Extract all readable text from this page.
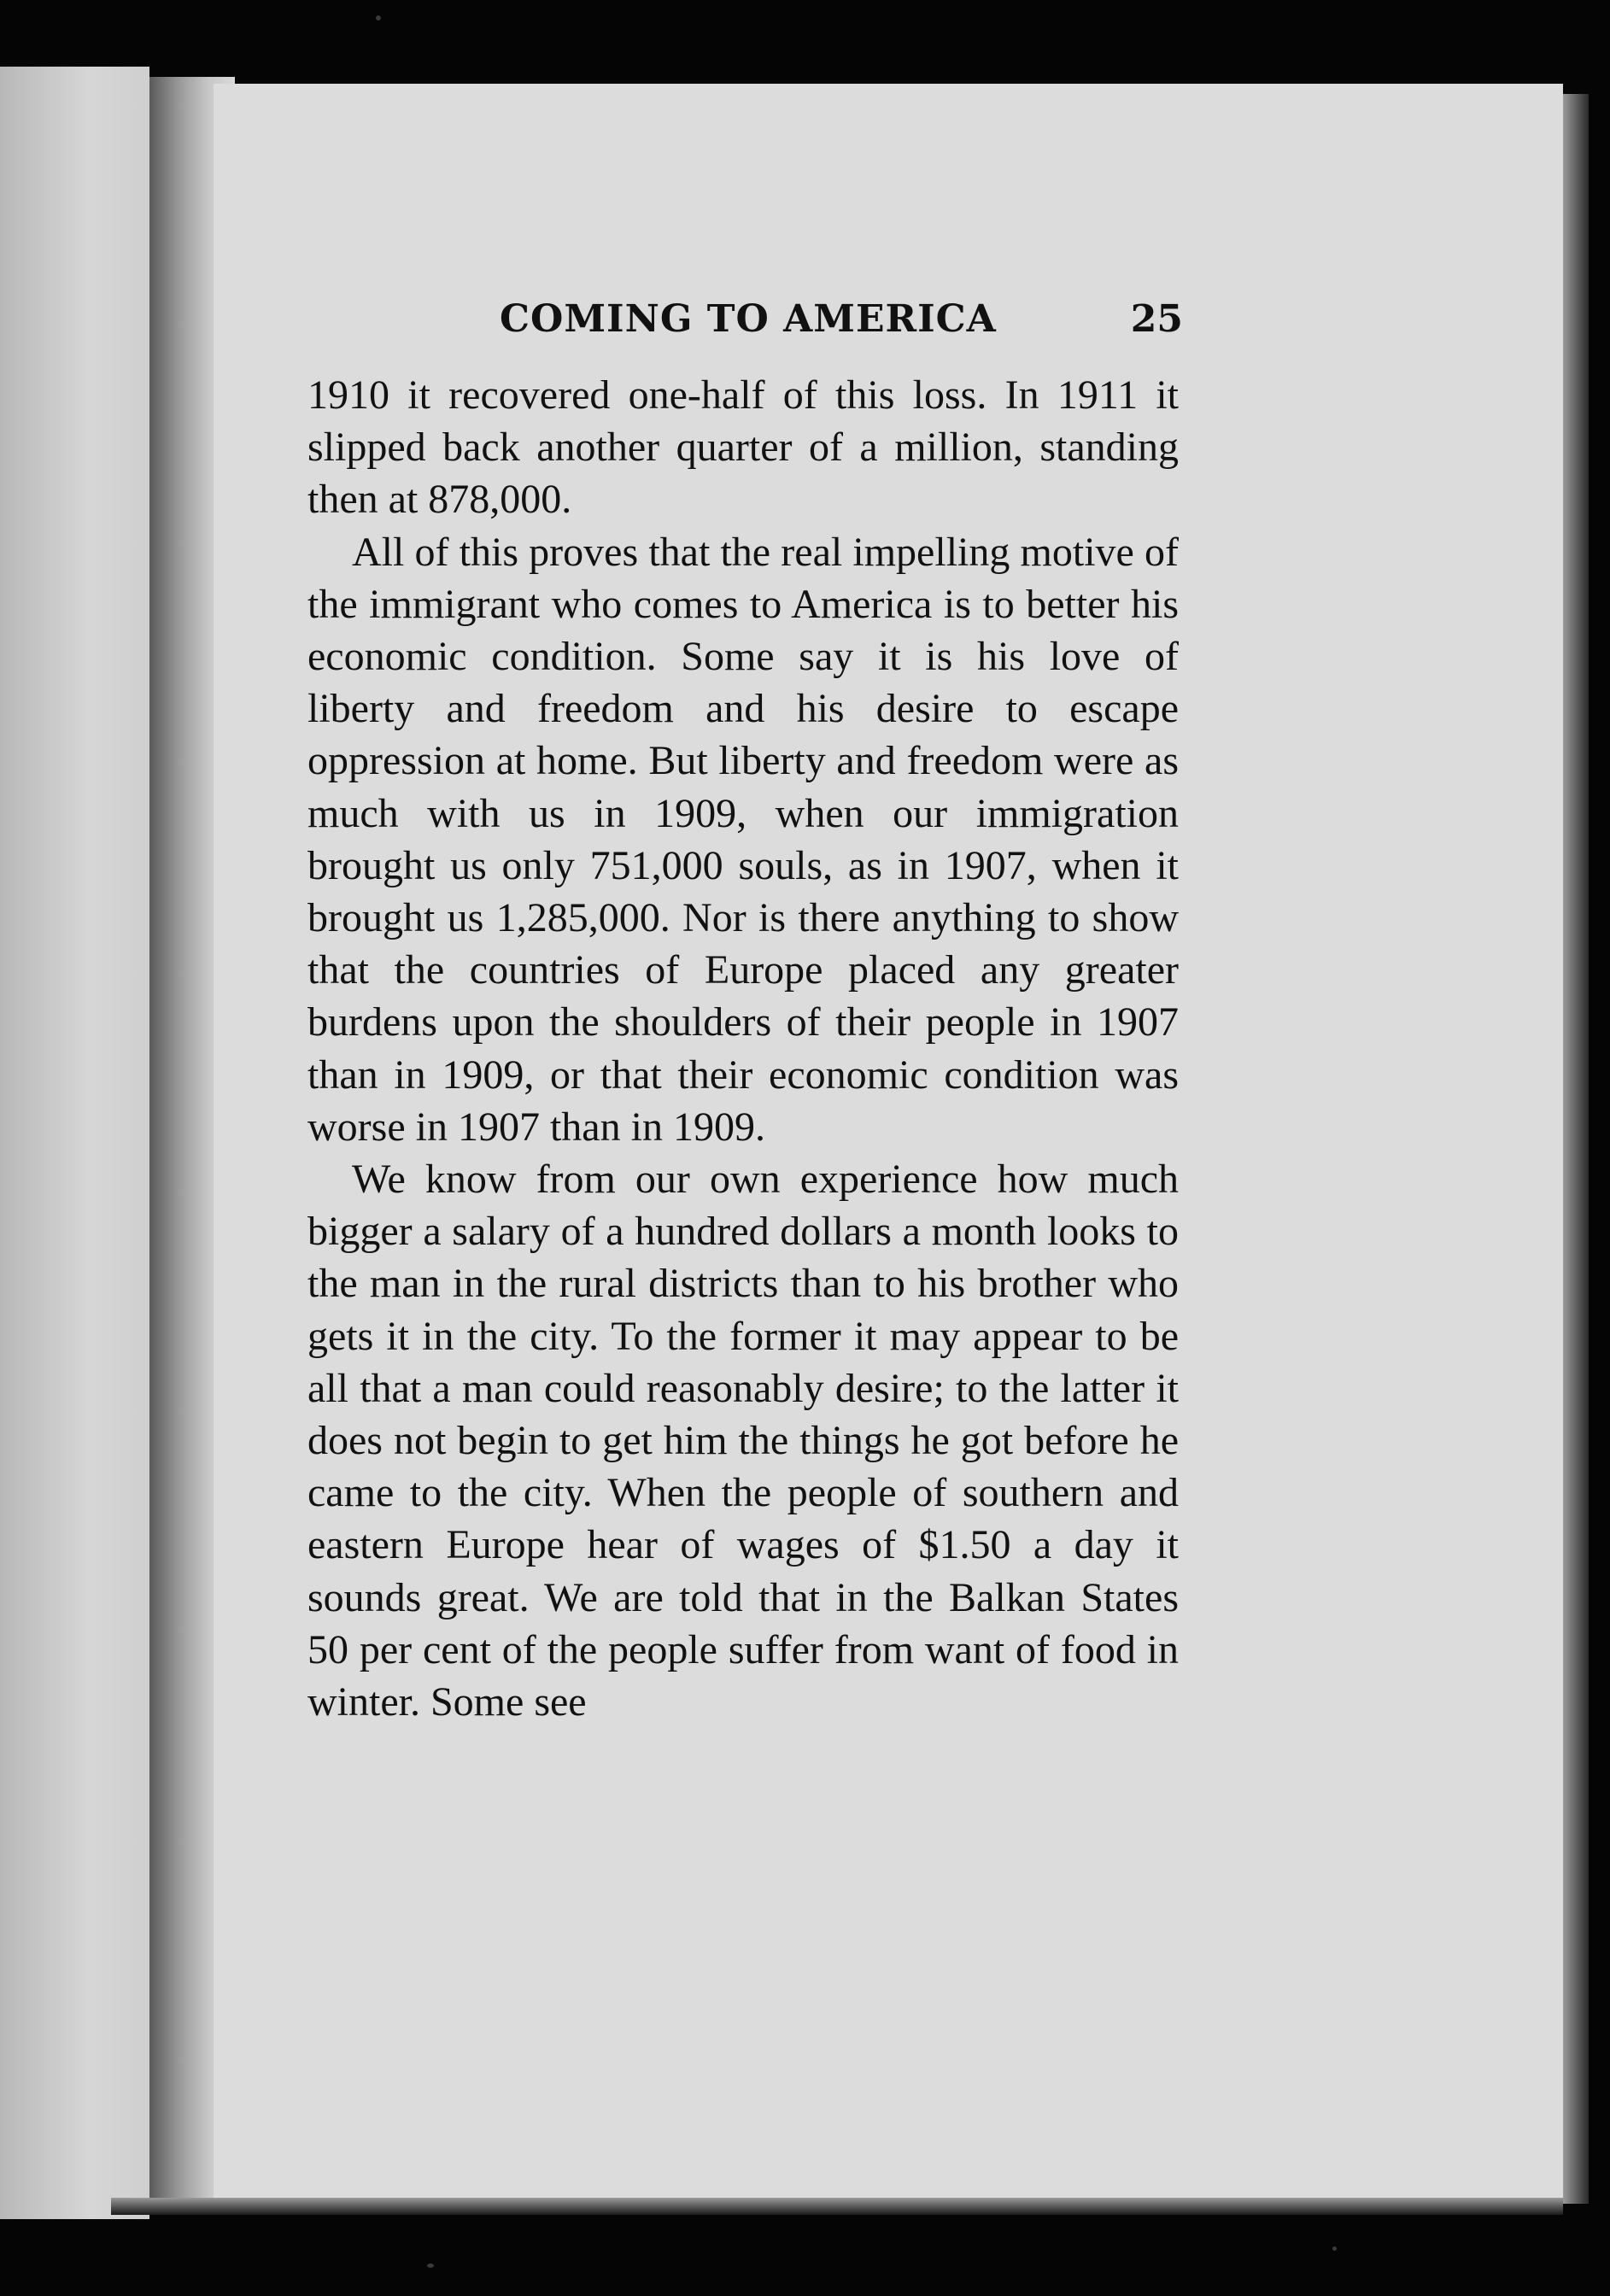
COMING TO AMERICA	25

1910 it recovered one-half of this loss. In 1911 it slipped back another quarter of a million, standing then at 878,000.

All of this proves that the real impelling motive of the immigrant who comes to America is to better his economic condition. Some say it is his love of liberty and freedom and his desire to escape oppression at home. But liberty and freedom were as much with us in 1909, when our immigration brought us only 751,000 souls, as in 1907, when it brought us 1,285,000. Nor is there anything to show that the countries of Europe placed any greater burdens upon the shoulders of their people in 1907 than in 1909, or that their economic condition was worse in 1907 than in 1909.

We know from our own experience how much bigger a salary of a hundred dollars a month looks to the man in the rural districts than to his brother who gets it in the city. To the former it may appear to be all that a man could reasonably desire; to the latter it does not begin to get him the things he got before he came to the city. When the people of southern and eastern Europe hear of wages of $1.50 a day it sounds great. We are told that in the Balkan States 50 per cent of the people suffer from want of food in winter. Some see
